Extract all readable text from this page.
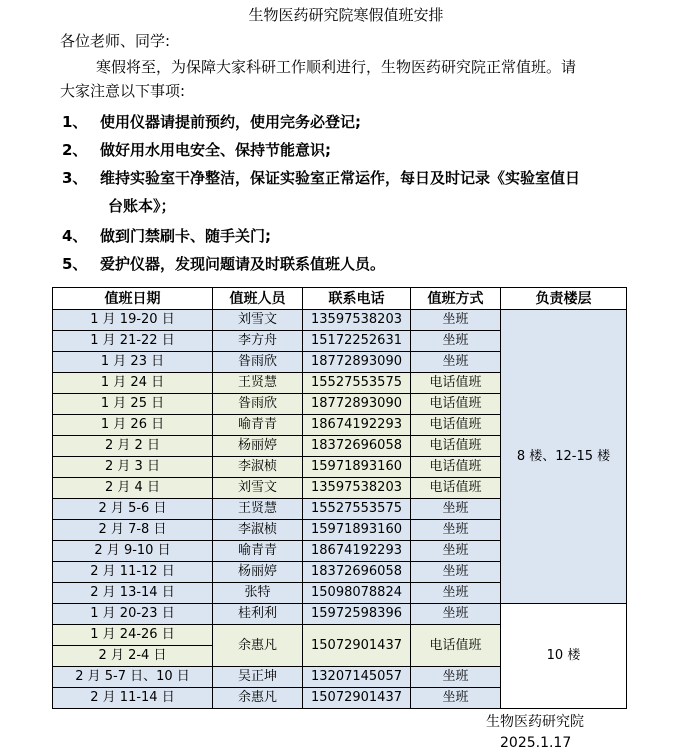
生物医药研究院寒假值班安排
各位老师、同学:
寒假将至，为保障大家科研工作顺利进行，生物医药研究院正常值班。请
大家注意以下事项:
1、 使用仪器请提前预约，使用完务必登记;
2、 做好用水用电安全、保持节能意识;
3、 维持实验室干净整洁，保证实验室正常运作，每日及时记录《实验室值日
台账本》；
4、 做到门禁刷卡、随手关门;
5、 爱护仪器，发现问题请及时联系值班人员。
值班日期	值班人员	联系电话	值班方式	负责楼层
1 月 19-20 日	刘雪文	13597538203	坐班	8 楼、12-15 楼
1 月 21-22 日	李方舟	15172252631	坐班	
1 月 23 日	昝雨欣	18772893090	坐班	
1 月 24 日	王贤慧	15527553575	电话值班	
1 月 25 日	昝雨欣	18772893090	电话值班	
1 月 26 日	喻青青	18674192293	电话值班	
2 月 2 日	杨丽婷	18372696058	电话值班	
2 月 3 日	李淑桢	15971893160	电话值班	
2 月 4 日	刘雪文	13597538203	电话值班	
2 月 5-6 日	王贤慧	15527553575	坐班	
2 月 7-8 日	李淑桢	15971893160	坐班	
2 月 9-10 日	喻青青	18674192293	坐班	
2 月 11-12 日	杨丽婷	18372696058	坐班	
2 月 13-14 日	张特	15098078824	坐班	
1 月 20-23 日	桂利利	15972598396	坐班	10 楼
1 月 24-26 日	余惠凡	15072901437	电话值班	
2 月 2-4 日				
2 月 5-7 日、10 日	吴正坤	13207145057	坐班	
2 月 11-14 日	余惠凡	15072901437	坐班	
生物医药研究院
2025.1.17
